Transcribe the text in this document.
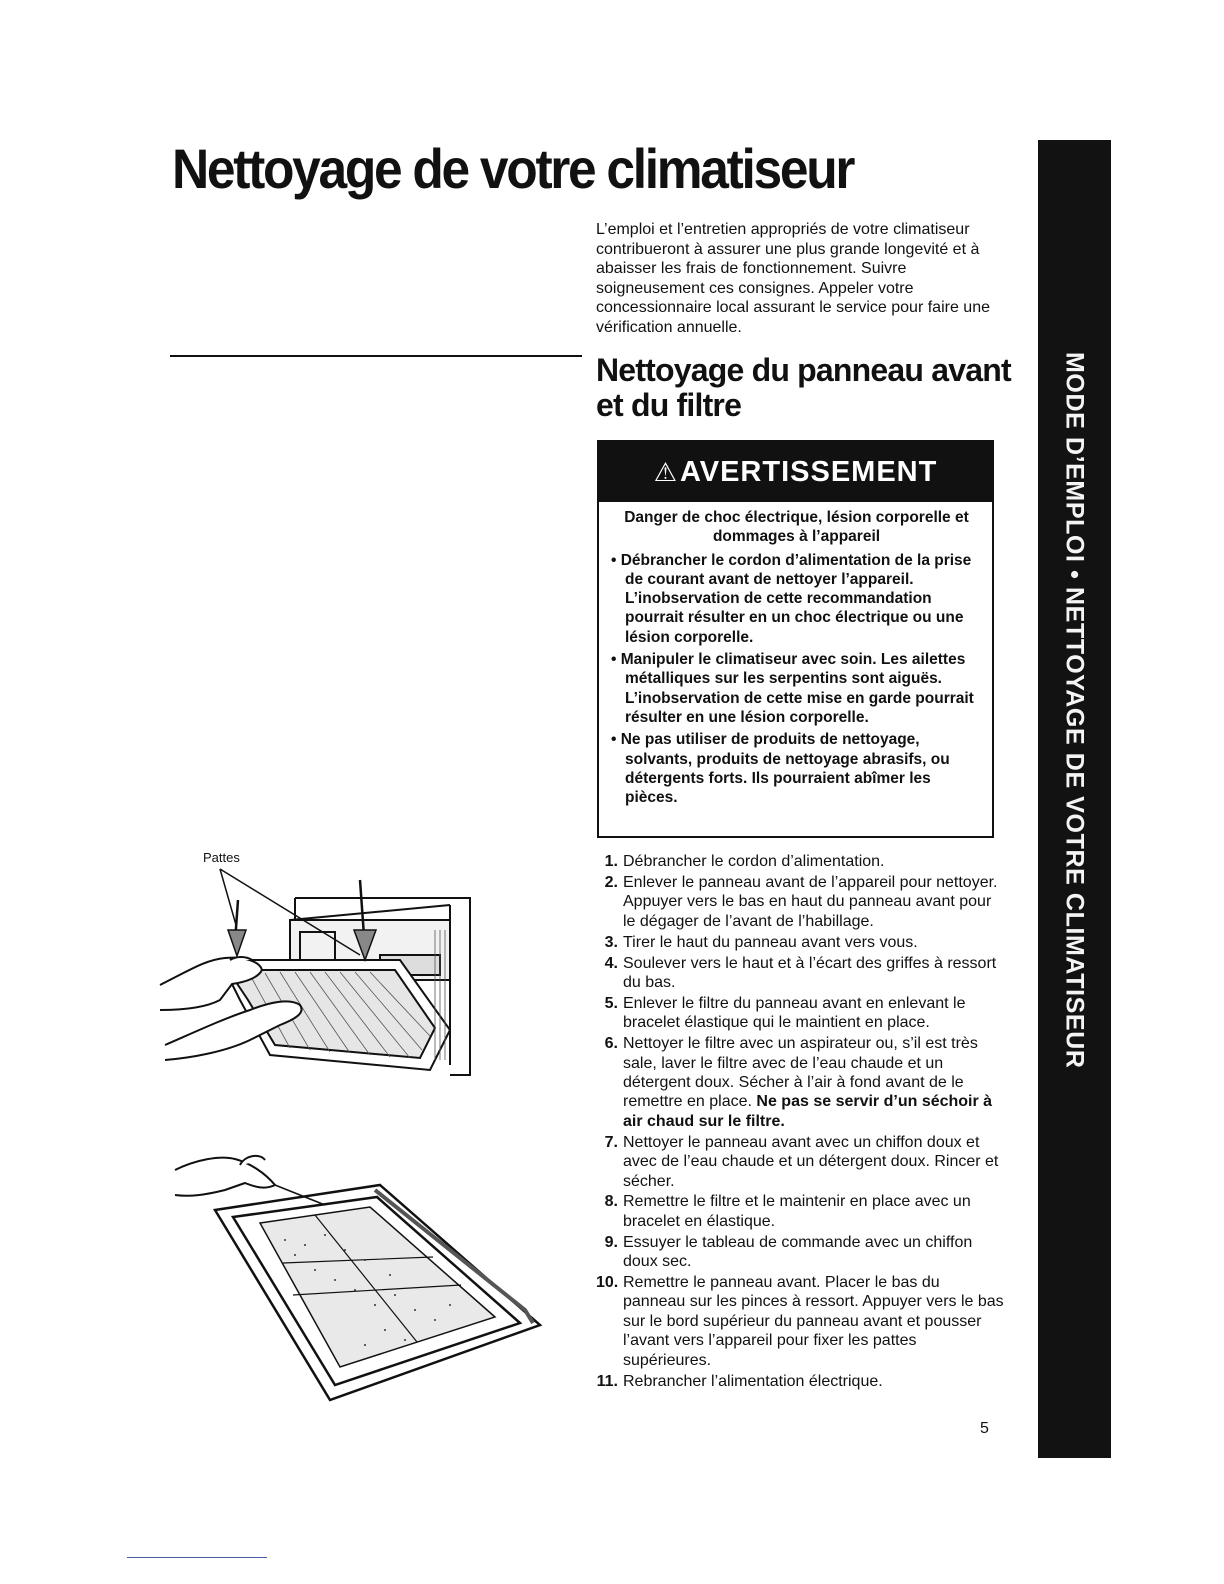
Nettoyage de votre climatiseur

L’emploi et l’entretien appropriés de votre climatiseur contribueront à assurer une plus grande longevité et à abaisser les frais de fonctionnement. Suivre soigneusement ces consignes. Appeler votre concessionnaire local assurant le service pour faire une vérification annuelle.

Nettoyage du panneau avant et du filtre
⚠ AVERTISSEMENT

Danger de choc électrique, lésion corporelle et dommages à l’appareil

• Débrancher le cordon d’alimentation de la prise de courant avant de nettoyer l’appareil. L’inobservation de cette recommandation pourrait résulter en un choc électrique ou une lésion corporelle.

• Manipuler le climatiseur avec soin. Les ailettes métalliques sur les serpentins sont aiguës. L’inobservation de cette mise en garde pourrait résulter en une lésion corporelle.

• Ne pas utiliser de produits de nettoyage, solvants, produits de nettoyage abrasifs, ou détergents forts. Ils pourraient abîmer les pièces.

1. Débrancher le cordon d’alimentation.
2. Enlever le panneau avant de l’appareil pour nettoyer. Appuyer vers le bas en haut du panneau avant pour le dégager de l’avant de l’habillage.
3. Tirer le haut du panneau avant vers vous.
4. Soulever vers le haut et à l’écart des griffes à ressort du bas.
5. Enlever le filtre du panneau avant en enlevant le bracelet élastique qui le maintient en place.
6. Nettoyer le filtre avec un aspirateur ou, s’il est très sale, laver le filtre avec de l’eau chaude et un détergent doux. Sécher à l’air à fond avant de le remettre en place. Ne pas se servir d’un séchoir à air chaud sur le filtre.
7. Nettoyer le panneau avant avec un chiffon doux et avec de l’eau chaude et un détergent doux. Rincer et sécher.
8. Remettre le filtre et le maintenir en place avec un bracelet en élastique.
9. Essuyer le tableau de commande avec un chiffon doux sec.
10. Remettre le panneau avant. Placer le bas du panneau sur les pinces à ressort. Appuyer vers le bas sur le bord supérieur du panneau avant et pousser l’avant vers l’appareil pour fixer les pattes supérieures.
11. Rebrancher l’alimentation électrique.
5
MODE D’EMPLOI • NETTOYAGE DE VOTRE CLIMATISEUR
Pattes
